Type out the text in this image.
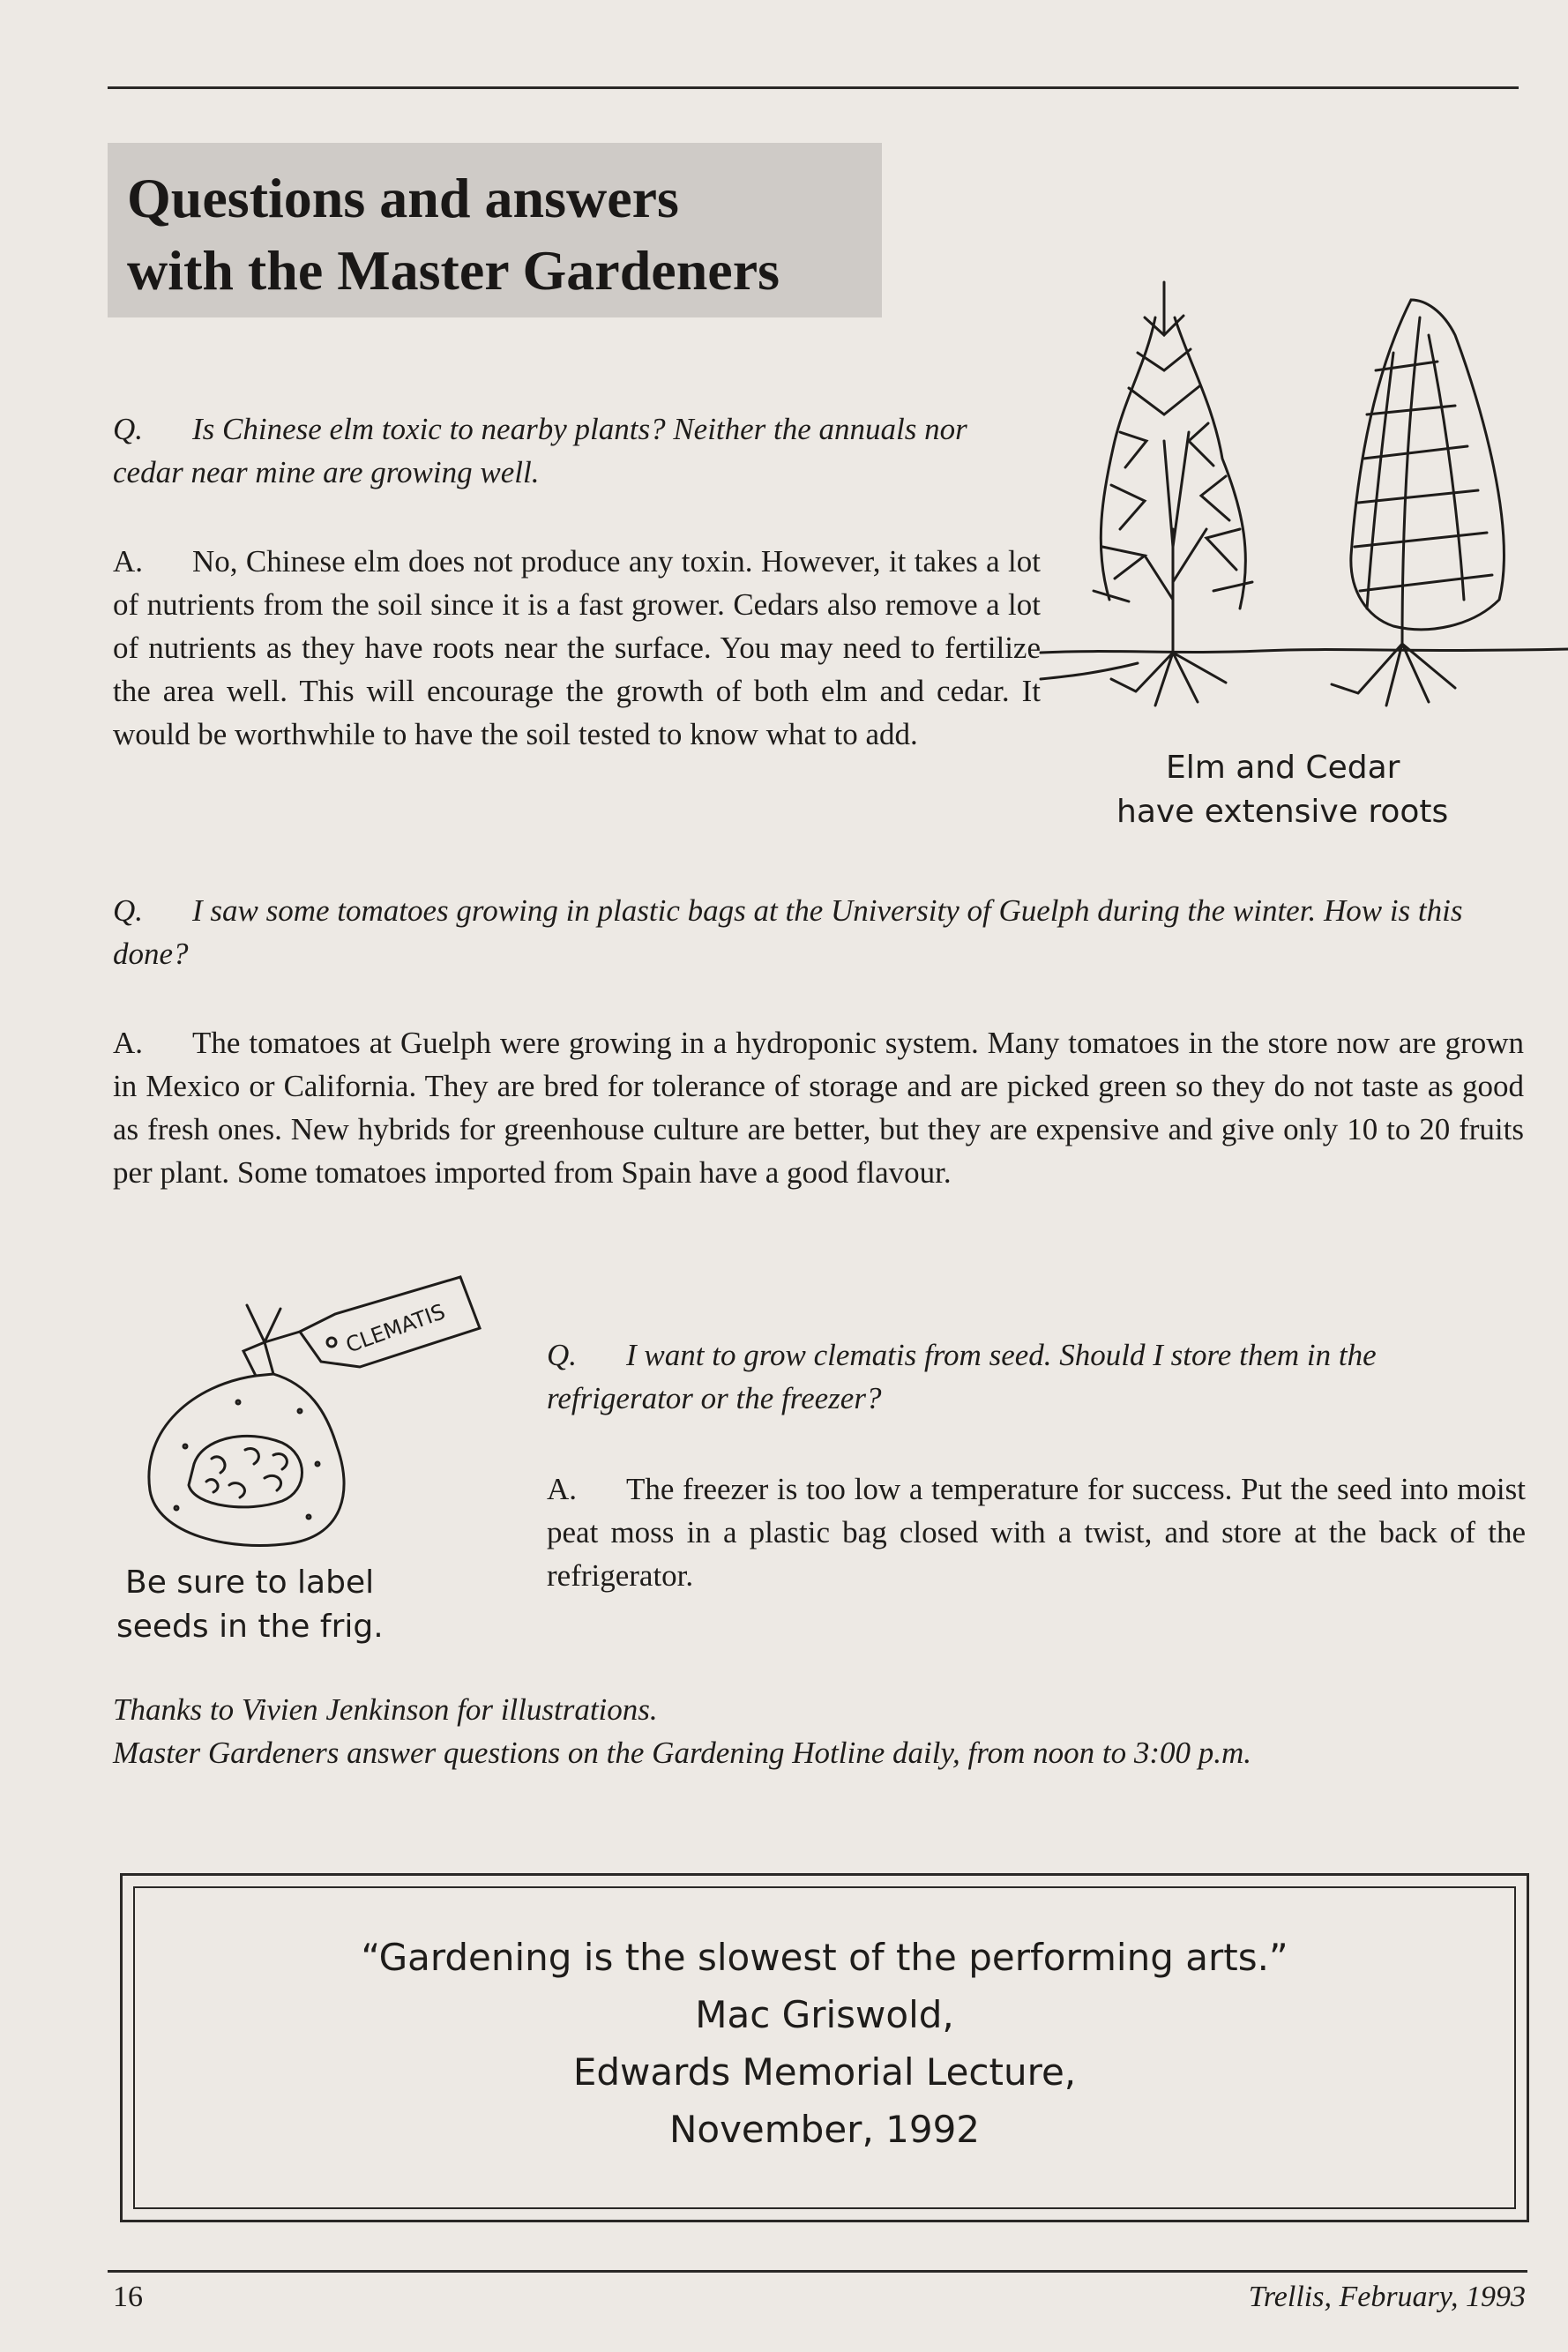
Questions and answers
with the Master Gardeners
Q. Is Chinese elm toxic to nearby plants? Neither the annuals nor cedar near mine are growing well.
A. No, Chinese elm does not produce any toxin. However, it takes a lot of nutrients from the soil since it is a fast grower. Cedars also remove a lot of nutrients as they have roots near the surface. You may need to fertilize the area well. This will encourage the growth of both elm and cedar. It would be worthwhile to have the soil tested to know what to add.
Elm and Cedar
have extensive roots
Q. I saw some tomatoes growing in plastic bags at the University of Guelph during the winter. How is this done?
A. The tomatoes at Guelph were growing in a hydroponic system. Many tomatoes in the store now are grown in Mexico or California. They are bred for tolerance of storage and are picked green so they do not taste as good as fresh ones. New hybrids for greenhouse culture are better, but they are expensive and give only 10 to 20 fruits per plant. Some tomatoes imported from Spain have a good flavour.
CLEMATIS
Be sure to label
seeds in the frig.
Q. I want to grow clematis from seed. Should I store them in the refrigerator or the freezer?
A. The freezer is too low a temperature for success. Put the seed into moist peat moss in a plastic bag closed with a twist, and store at the back of the refrigerator.
Thanks to Vivien Jenkinson for illustrations.
Master Gardeners answer questions on the Gardening Hotline daily, from noon to 3:00 p.m.
“Gardening is the slowest of the performing arts.”
Mac Griswold,
Edwards Memorial Lecture,
November, 1992
16	Trellis, February, 1993
